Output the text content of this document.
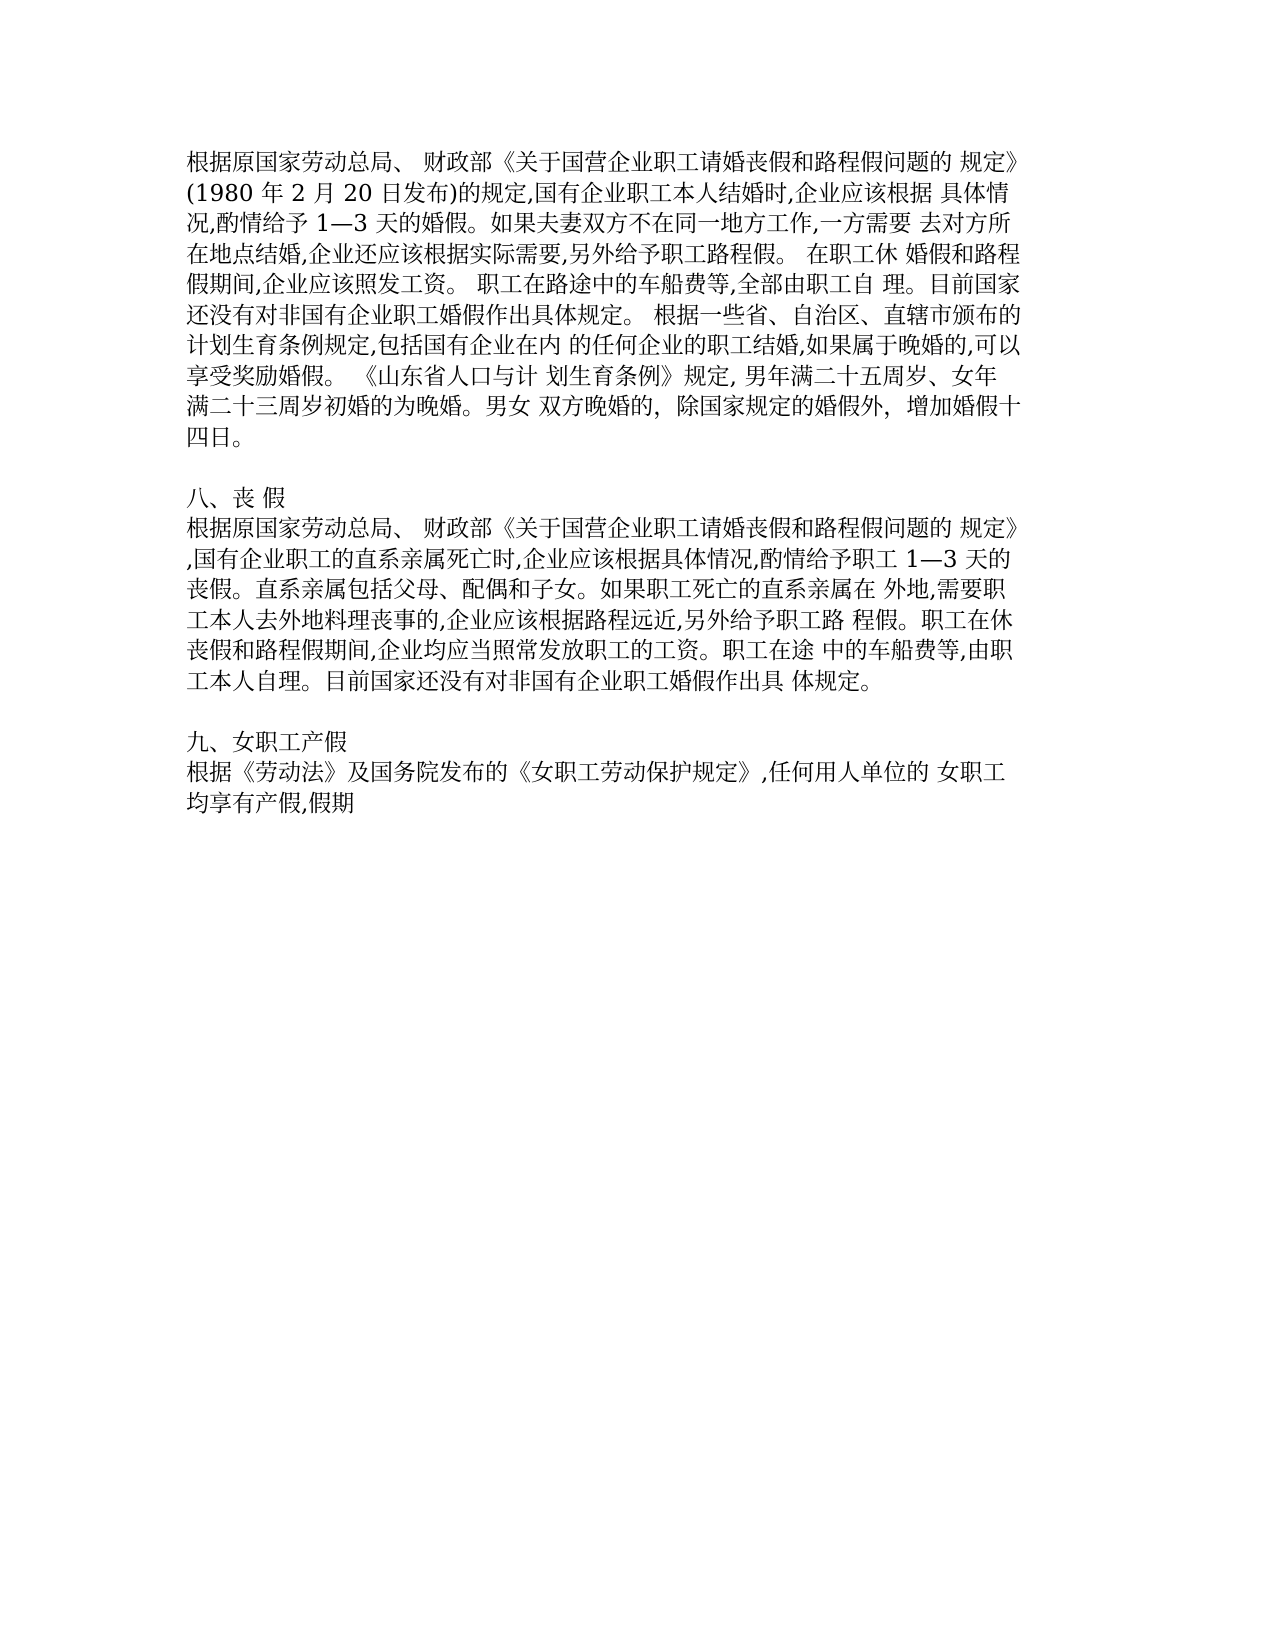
根据原国家劳动总局、 财政部《关于国营企业职工请婚丧假和路程假问题的 规定》
(1980 年 2 月 20 日发布)的规定,国有企业职工本人结婚时,企业应该根据 具体情
况,酌情给予 1—3 天的婚假。如果夫妻双方不在同一地方工作,一方需要 去对方所
在地点结婚,企业还应该根据实际需要,另外给予职工路程假。 在职工休 婚假和路程
假期间,企业应该照发工资。 职工在路途中的车船费等,全部由职工自 理。目前国家
还没有对非国有企业职工婚假作出具体规定。 根据一些省、自治区、直辖市颁布的
计划生育条例规定,包括国有企业在内 的任何企业的职工结婚,如果属于晚婚的,可以
享受奖励婚假。 《山东省人口与计 划生育条例》规定, 男年满二十五周岁、女年
满二十三周岁初婚的为晚婚。男女 双方晚婚的，除国家规定的婚假外，增加婚假十
四日。
八、丧 假
根据原国家劳动总局、 财政部《关于国营企业职工请婚丧假和路程假问题的 规定》
,国有企业职工的直系亲属死亡时,企业应该根据具体情况,酌情给予职工 1—3 天的
丧假。直系亲属包括父母、配偶和子女。如果职工死亡的直系亲属在 外地,需要职
工本人去外地料理丧事的,企业应该根据路程远近,另外给予职工路 程假。职工在休
丧假和路程假期间,企业均应当照常发放职工的工资。职工在途 中的车船费等,由职
工本人自理。目前国家还没有对非国有企业职工婚假作出具 体规定。
九、女职工产假
根据《劳动法》及国务院发布的《女职工劳动保护规定》,任何用人单位的 女职工
均享有产假,假期
